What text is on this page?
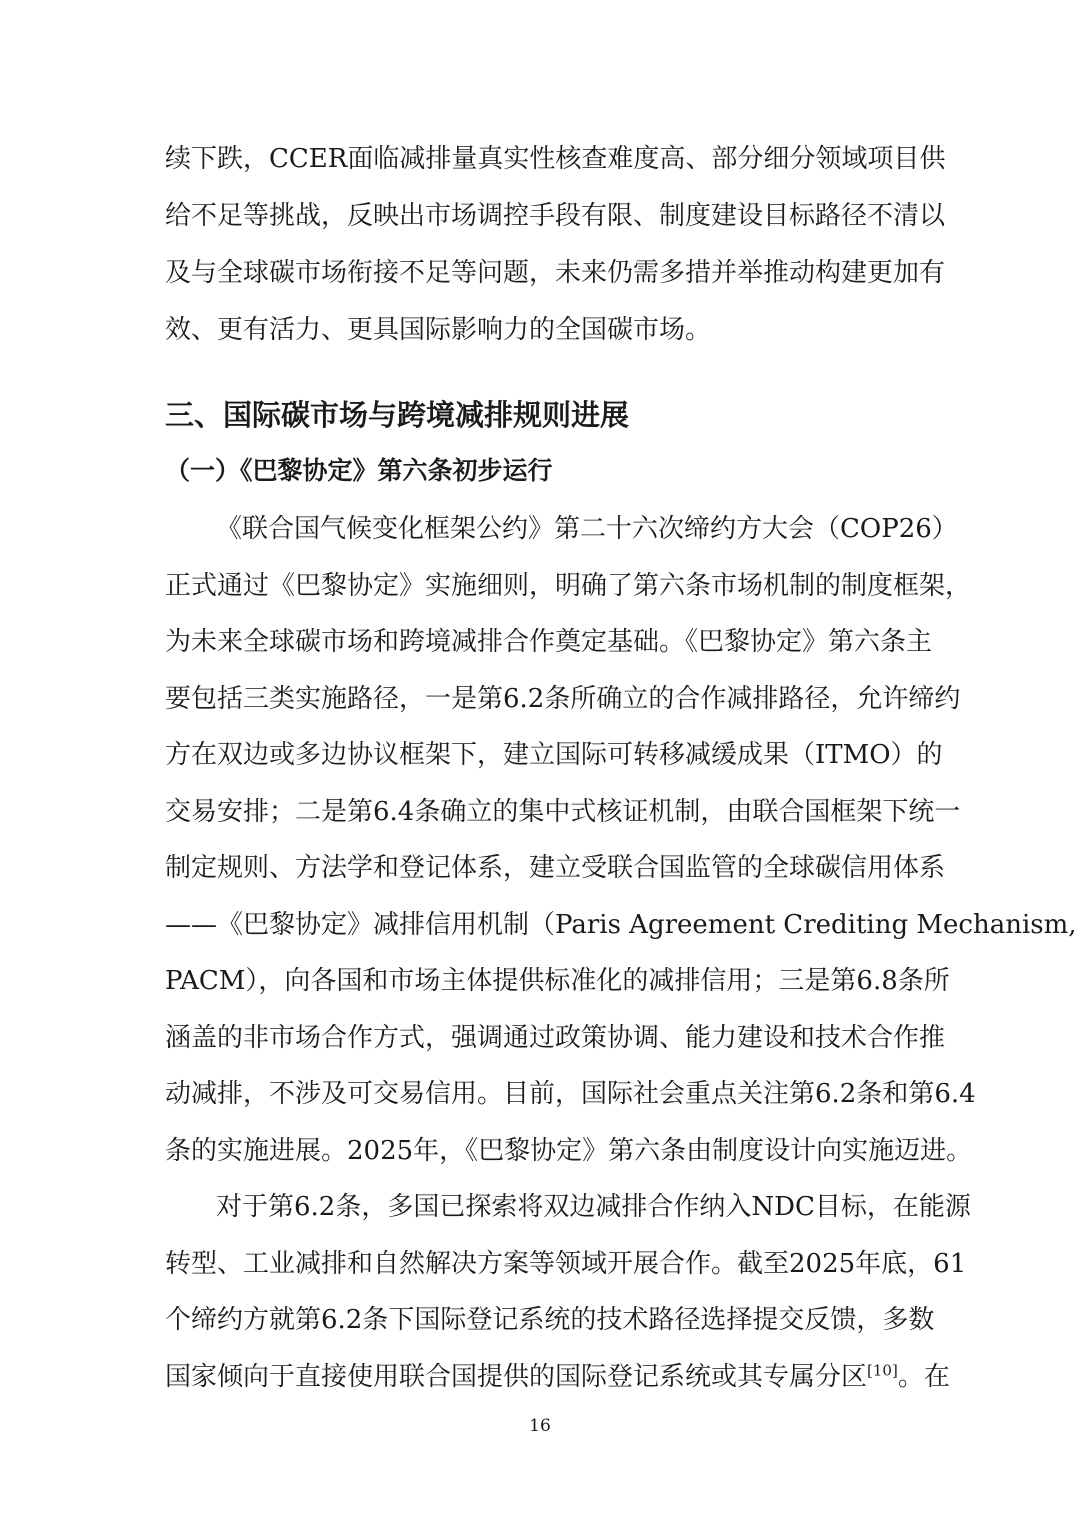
续下跌，CCER面临减排量真实性核查难度高、部分细分领域项目供
给不足等挑战，反映出市场调控手段有限、制度建设目标路径不清以
及与全球碳市场衔接不足等问题，未来仍需多措并举推动构建更加有
效、更有活力、更具国际影响力的全国碳市场。
三、国际碳市场与跨境减排规则进展
（一）《巴黎协定》第六条初步运行
《联合国气候变化框架公约》第二十六次缔约方大会（COP26）
正式通过《巴黎协定》实施细则，明确了第六条市场机制的制度框架，
为未来全球碳市场和跨境减排合作奠定基础。《巴黎协定》第六条主
要包括三类实施路径，一是第6.2条所确立的合作减排路径，允许缔约
方在双边或多边协议框架下，建立国际可转移减缓成果（ITMO）的
交易安排；二是第6.4条确立的集中式核证机制，由联合国框架下统一
制定规则、方法学和登记体系，建立受联合国监管的全球碳信用体系
——《巴黎协定》减排信用机制（Paris Agreement Crediting Mechanism,
PACM），向各国和市场主体提供标准化的减排信用；三是第6.8条所
涵盖的非市场合作方式，强调通过政策协调、能力建设和技术合作推
动减排，不涉及可交易信用。目前，国际社会重点关注第6.2条和第6.4
条的实施进展。2025年，《巴黎协定》第六条由制度设计向实施迈进。
对于第6.2条，多国已探索将双边减排合作纳入NDC目标，在能源
转型、工业减排和自然解决方案等领域开展合作。截至2025年底，61
个缔约方就第6.2条下国际登记系统的技术路径选择提交反馈，多数
国家倾向于直接使用联合国提供的国际登记系统或其专属分区[10]。在
16
